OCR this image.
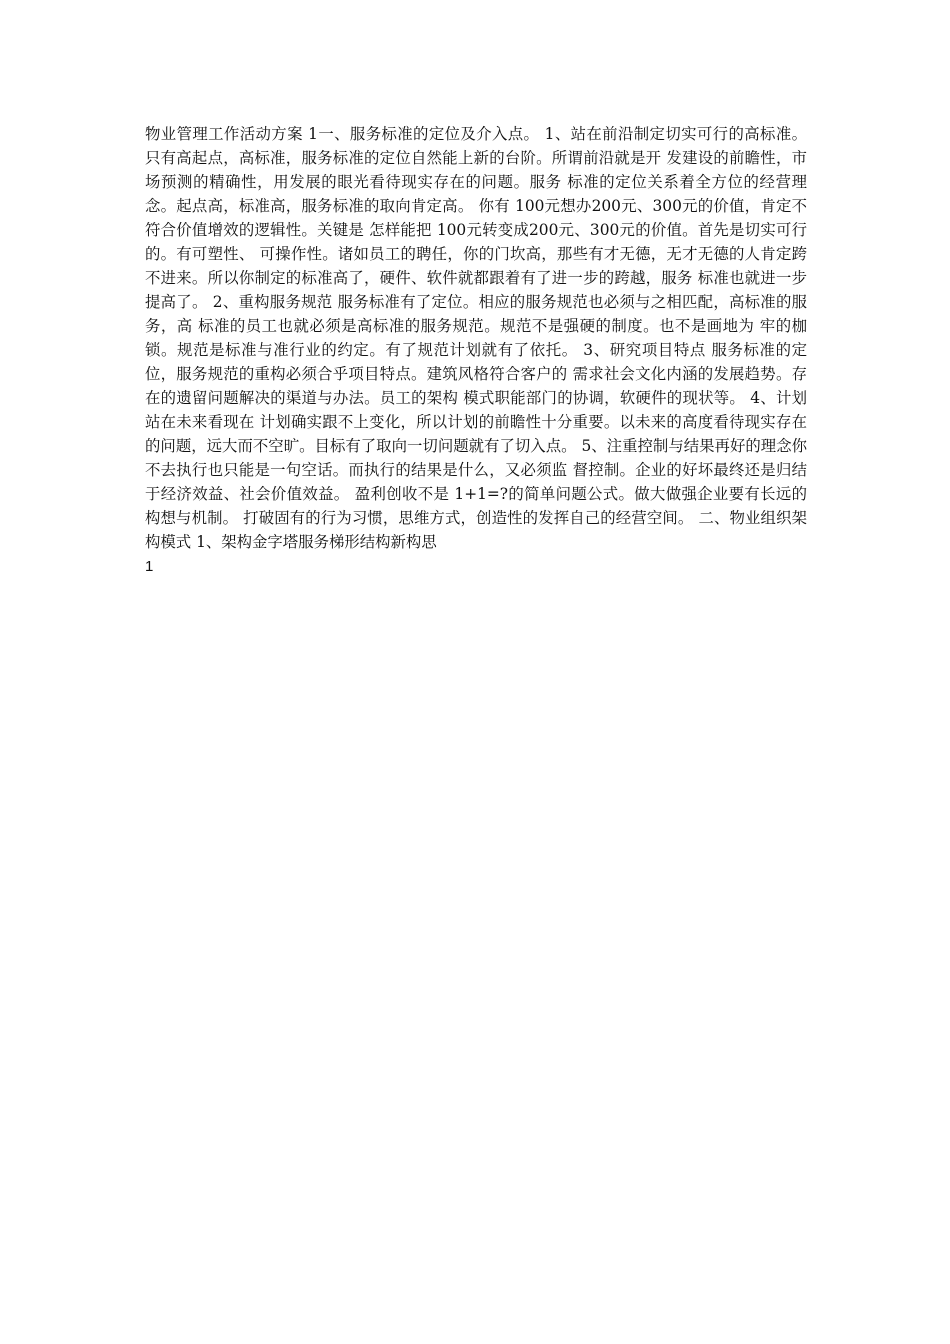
物业管理工作活动方案 1一、服务标准的定位及介入点。 1、站在前沿制定切实可行的高标准。 只有高起点，高标准，服务标准的定位自然能上新的台阶。所谓前沿就是开 发建设的前瞻性，市场预测的精确性，用发展的眼光看待现实存在的问题。服务 标准的定位关系着全方位的经营理念。起点高，标准高，服务标准的取向肯定高。 你有 100元想办200元、300元的价值，肯定不符合价值增效的逻辑性。关键是 怎样能把 100元转变成200元、300元的价值。首先是切实可行的。有可塑性、 可操作性。诸如员工的聘任，你的门坎高，那些有才无德，无才无德的人肯定跨 不进来。所以你制定的标准高了，硬件、软件就都跟着有了进一步的跨越，服务 标准也就进一步提高了。 2、重构服务规范 服务标准有了定位。相应的服务规范也必须与之相匹配，高标准的服务，高 标准的员工也就必须是高标准的服务规范。规范不是强硬的制度。也不是画地为 牢的枷锁。规范是标准与准行业的约定。有了规范计划就有了依托。 3、研究项目特点 服务标准的定位，服务规范的重构必须合乎项目特点。建筑风格符合客户的 需求社会文化内涵的发展趋势。存在的遗留问题解决的渠道与办法。员工的架构 模式职能部门的协调，软硬件的现状等。 4、计划站在未来看现在 计划确实跟不上变化，所以计划的前瞻性十分重要。以未来的高度看待现实存在的问题，远大而不空旷。目标有了取向一切问题就有了切入点。 5、注重控制与结果再好的理念你不去执行也只能是一句空话。而执行的结果是什么，又必须监 督控制。企业的好坏最终还是归结于经济效益、社会价值效益。 盈利创收不是 1+1=?的简单问题公式。做大做强企业要有长远的构想与机制。 打破固有的行为习惯，思维方式，创造性的发挥自己的经营空间。 二、物业组织架构模式 1、架构金字塔服务梯形结构新构思

1
